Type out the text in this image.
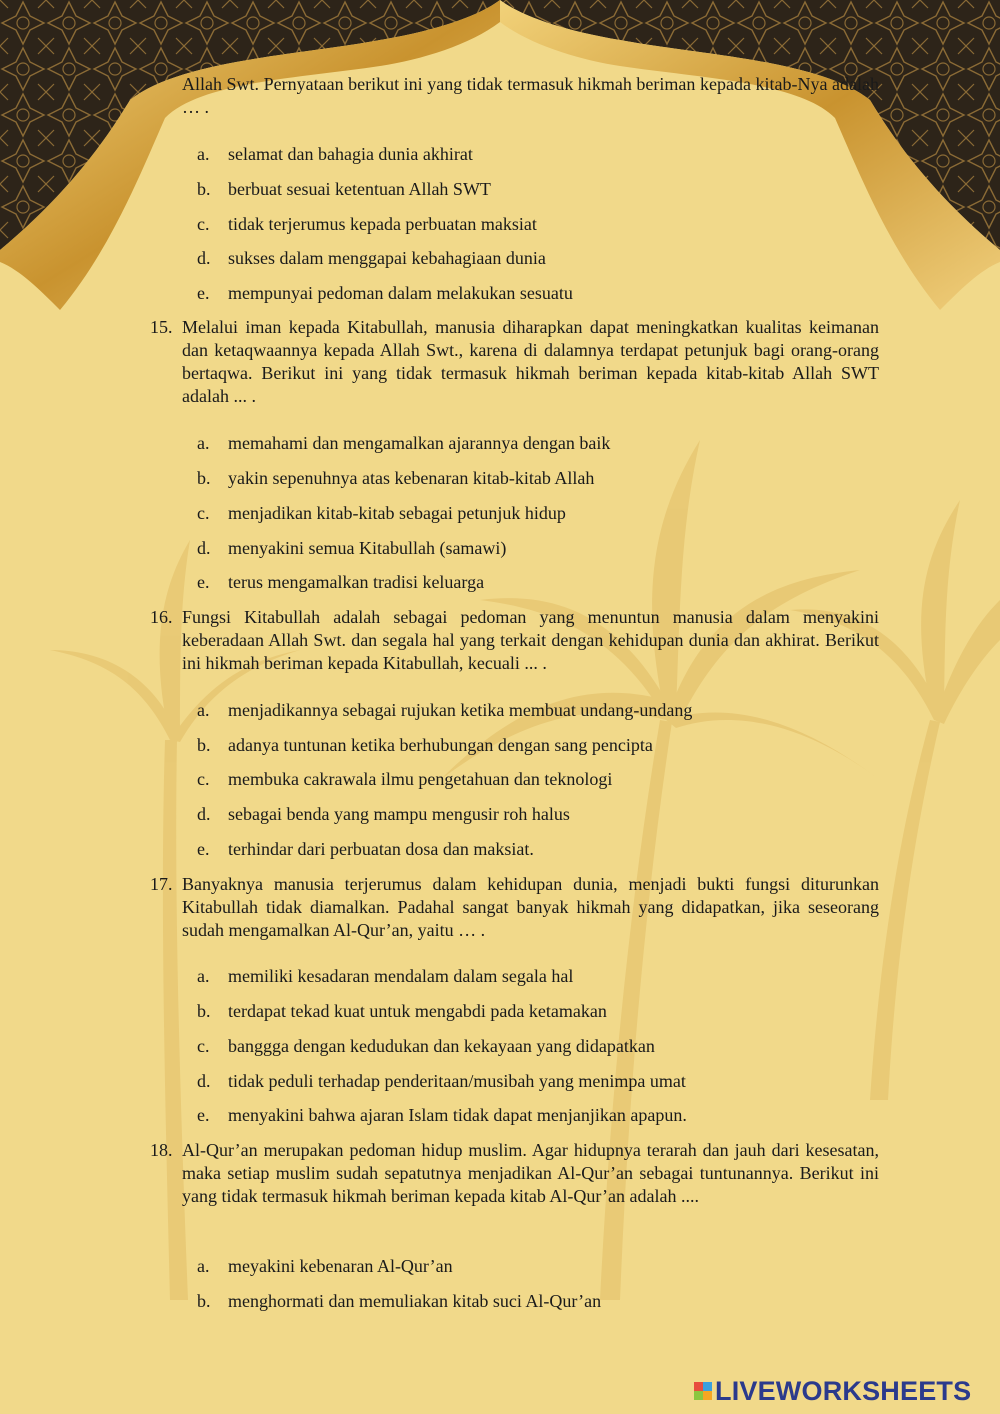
Allah Swt. Pernyataan berikut ini yang tidak termasuk hikmah beriman kepada kitab-Nya adalah … .

a. selamat dan bahagia dunia akhirat
b. berbuat sesuai ketentuan Allah SWT
c. tidak terjerumus kepada perbuatan maksiat
d. sukses dalam menggapai kebahagiaan dunia
e. mempunyai pedoman dalam melakukan sesuatu
15. Melalui iman kepada Kitabullah, manusia diharapkan dapat meningkatkan kualitas keimanan dan ketaqwaannya kepada Allah Swt., karena di dalamnya terdapat petunjuk bagi orang-orang bertaqwa. Berikut ini yang tidak termasuk hikmah beriman kepada kitab-kitab Allah SWT adalah ... .

a. memahami dan mengamalkan ajarannya dengan baik
b. yakin sepenuhnya atas kebenaran kitab-kitab Allah
c. menjadikan kitab-kitab sebagai petunjuk hidup
d. menyakini semua Kitabullah (samawi)
e. terus mengamalkan tradisi keluarga
16. Fungsi Kitabullah adalah sebagai pedoman yang menuntun manusia dalam menyakini keberadaan Allah Swt. dan segala hal yang terkait dengan kehidupan dunia dan akhirat. Berikut ini hikmah beriman kepada Kitabullah, kecuali ... .

a. menjadikannya sebagai rujukan ketika membuat undang-undang
b. adanya tuntunan ketika berhubungan dengan sang pencipta
c. membuka cakrawala ilmu pengetahuan dan teknologi
d. sebagai benda yang mampu mengusir roh halus
e. terhindar dari perbuatan dosa dan maksiat.
17. Banyaknya manusia terjerumus dalam kehidupan dunia, menjadi bukti fungsi diturunkan Kitabullah tidak diamalkan. Padahal sangat banyak hikmah yang didapatkan, jika seseorang sudah mengamalkan Al-Qur’an, yaitu … .

a. memiliki kesadaran mendalam dalam segala hal
b. terdapat tekad kuat untuk mengabdi pada ketamakan
c. banggga dengan kedudukan dan kekayaan yang didapatkan
d. tidak peduli terhadap penderitaan/musibah yang menimpa umat
e. menyakini bahwa ajaran Islam tidak dapat menjanjikan apapun.
18. Al-Qur’an merupakan pedoman hidup muslim. Agar hidupnya terarah dan jauh dari kesesatan, maka setiap muslim sudah sepatutnya menjadikan Al-Qur’an sebagai tuntunannya. Berikut ini yang tidak termasuk hikmah beriman kepada kitab Al-Qur’an adalah ....

a. meyakini kebenaran Al-Qur’an
b. menghormati dan memuliakan kitab suci Al-Qur’an
LIVEWORKSHEETS
